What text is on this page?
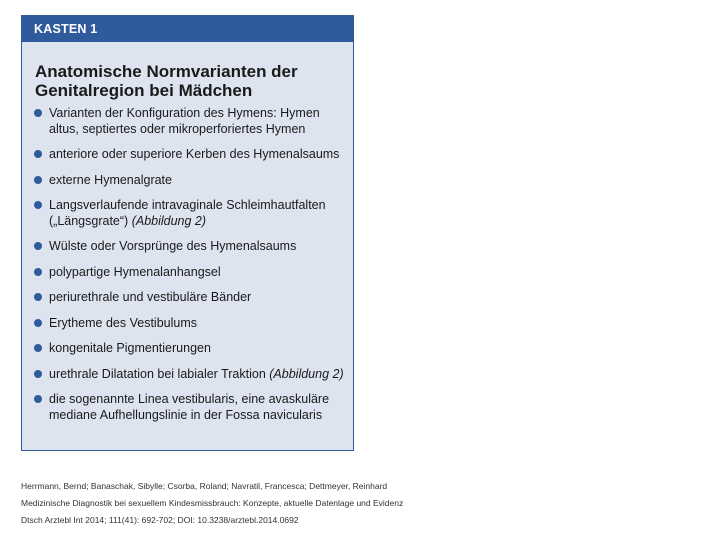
KASTEN 1
Anatomische Normvarianten der
Genitalregion bei Mädchen
Varianten der Konfiguration des Hymens: Hymen altus, septiertes oder mikroperforiertes Hymen
anteriore oder superiore Kerben des Hymenalsaums
externe Hymenalgrate
Langsverlaufende intravaginale Schleimhautfalten („Längsgrate“) (Abbildung 2)
Wülste oder Vorsprünge des Hymenalsaums
polypartige Hymenalanhangsel
periurethrale und vestibuläre Bänder
Erytheme des Vestibulums
kongenitale Pigmentierungen
urethrale Dilatation bei labialer Traktion (Abbildung 2)
die sogenannte Linea vestibularis, eine avaskuläre mediane Aufhellungslinie in der Fossa navicularis
Herrmann, Bernd; Banaschak, Sibylle; Csorba, Roland; Navratil, Francesca; Dettmeyer, Reinhard
Medizinische Diagnostik bei sexuellem Kindesmissbrauch: Konzepte, aktuelle Datenlage und Evidenz
Dtsch Arztebl Int 2014; 111(41): 692-702; DOI: 10.3238/arztebl.2014.0692
